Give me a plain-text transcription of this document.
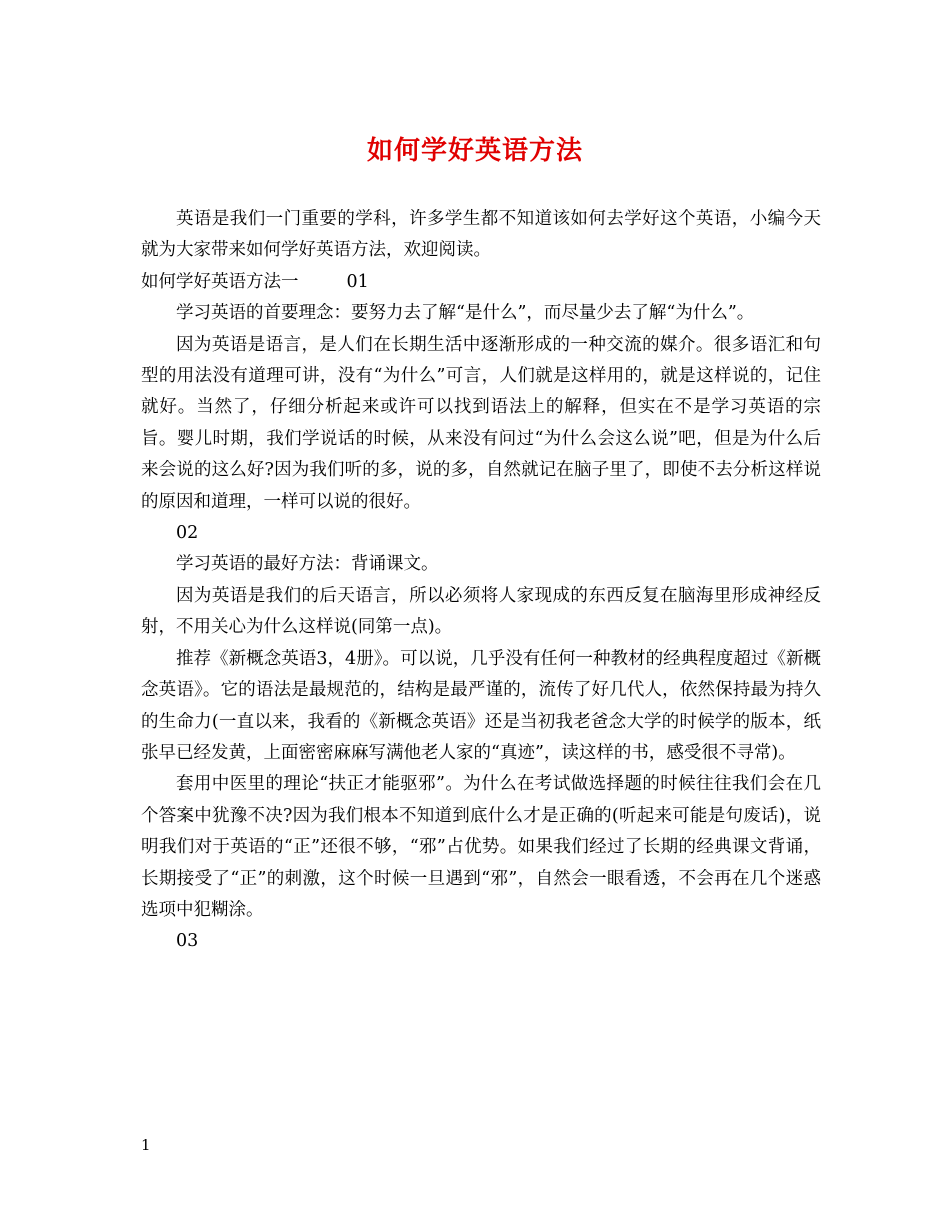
如何学好英语方法

英语是我们一门重要的学科，许多学生都不知道该如何去学好这个英语，小编今天就为大家带来如何学好英语方法，欢迎阅读。

如何学好英语方法一	01

学习英语的首要理念：要努力去了解“是什么”，而尽量少去了解“为什么”。

因为英语是语言，是人们在长期生活中逐渐形成的一种交流的媒介。很多语汇和句型的用法没有道理可讲，没有“为什么”可言，人们就是这样用的，就是这样说的，记住就好。当然了，仔细分析起来或许可以找到语法上的解释，但实在不是学习英语的宗旨。婴儿时期，我们学说话的时候，从来没有问过“为什么会这么说”吧，但是为什么后来会说的这么好?因为我们听的多，说的多，自然就记在脑子里了，即使不去分析这样说的原因和道理，一样可以说的很好。

02

学习英语的最好方法：背诵课文。

因为英语是我们的后天语言，所以必须将人家现成的东西反复在脑海里形成神经反射，不用关心为什么这样说(同第一点)。

推荐《新概念英语3，4册》。可以说，几乎没有任何一种教材的经典程度超过《新概念英语》。它的语法是最规范的，结构是最严谨的，流传了好几代人，依然保持最为持久的生命力(一直以来，我看的《新概念英语》还是当初我老爸念大学的时候学的版本，纸张早已经发黄，上面密密麻麻写满他老人家的“真迹”，读这样的书，感受很不寻常)。

套用中医里的理论“扶正才能驱邪”。为什么在考试做选择题的时候往往我们会在几个答案中犹豫不决?因为我们根本不知道到底什么才是正确的(听起来可能是句废话)，说明我们对于英语的“正”还很不够，“邪”占优势。如果我们经过了长期的经典课文背诵，长期接受了“正”的刺激，这个时候一旦遇到“邪”，自然会一眼看透，不会再在几个迷惑选项中犯糊涂。

03

1
